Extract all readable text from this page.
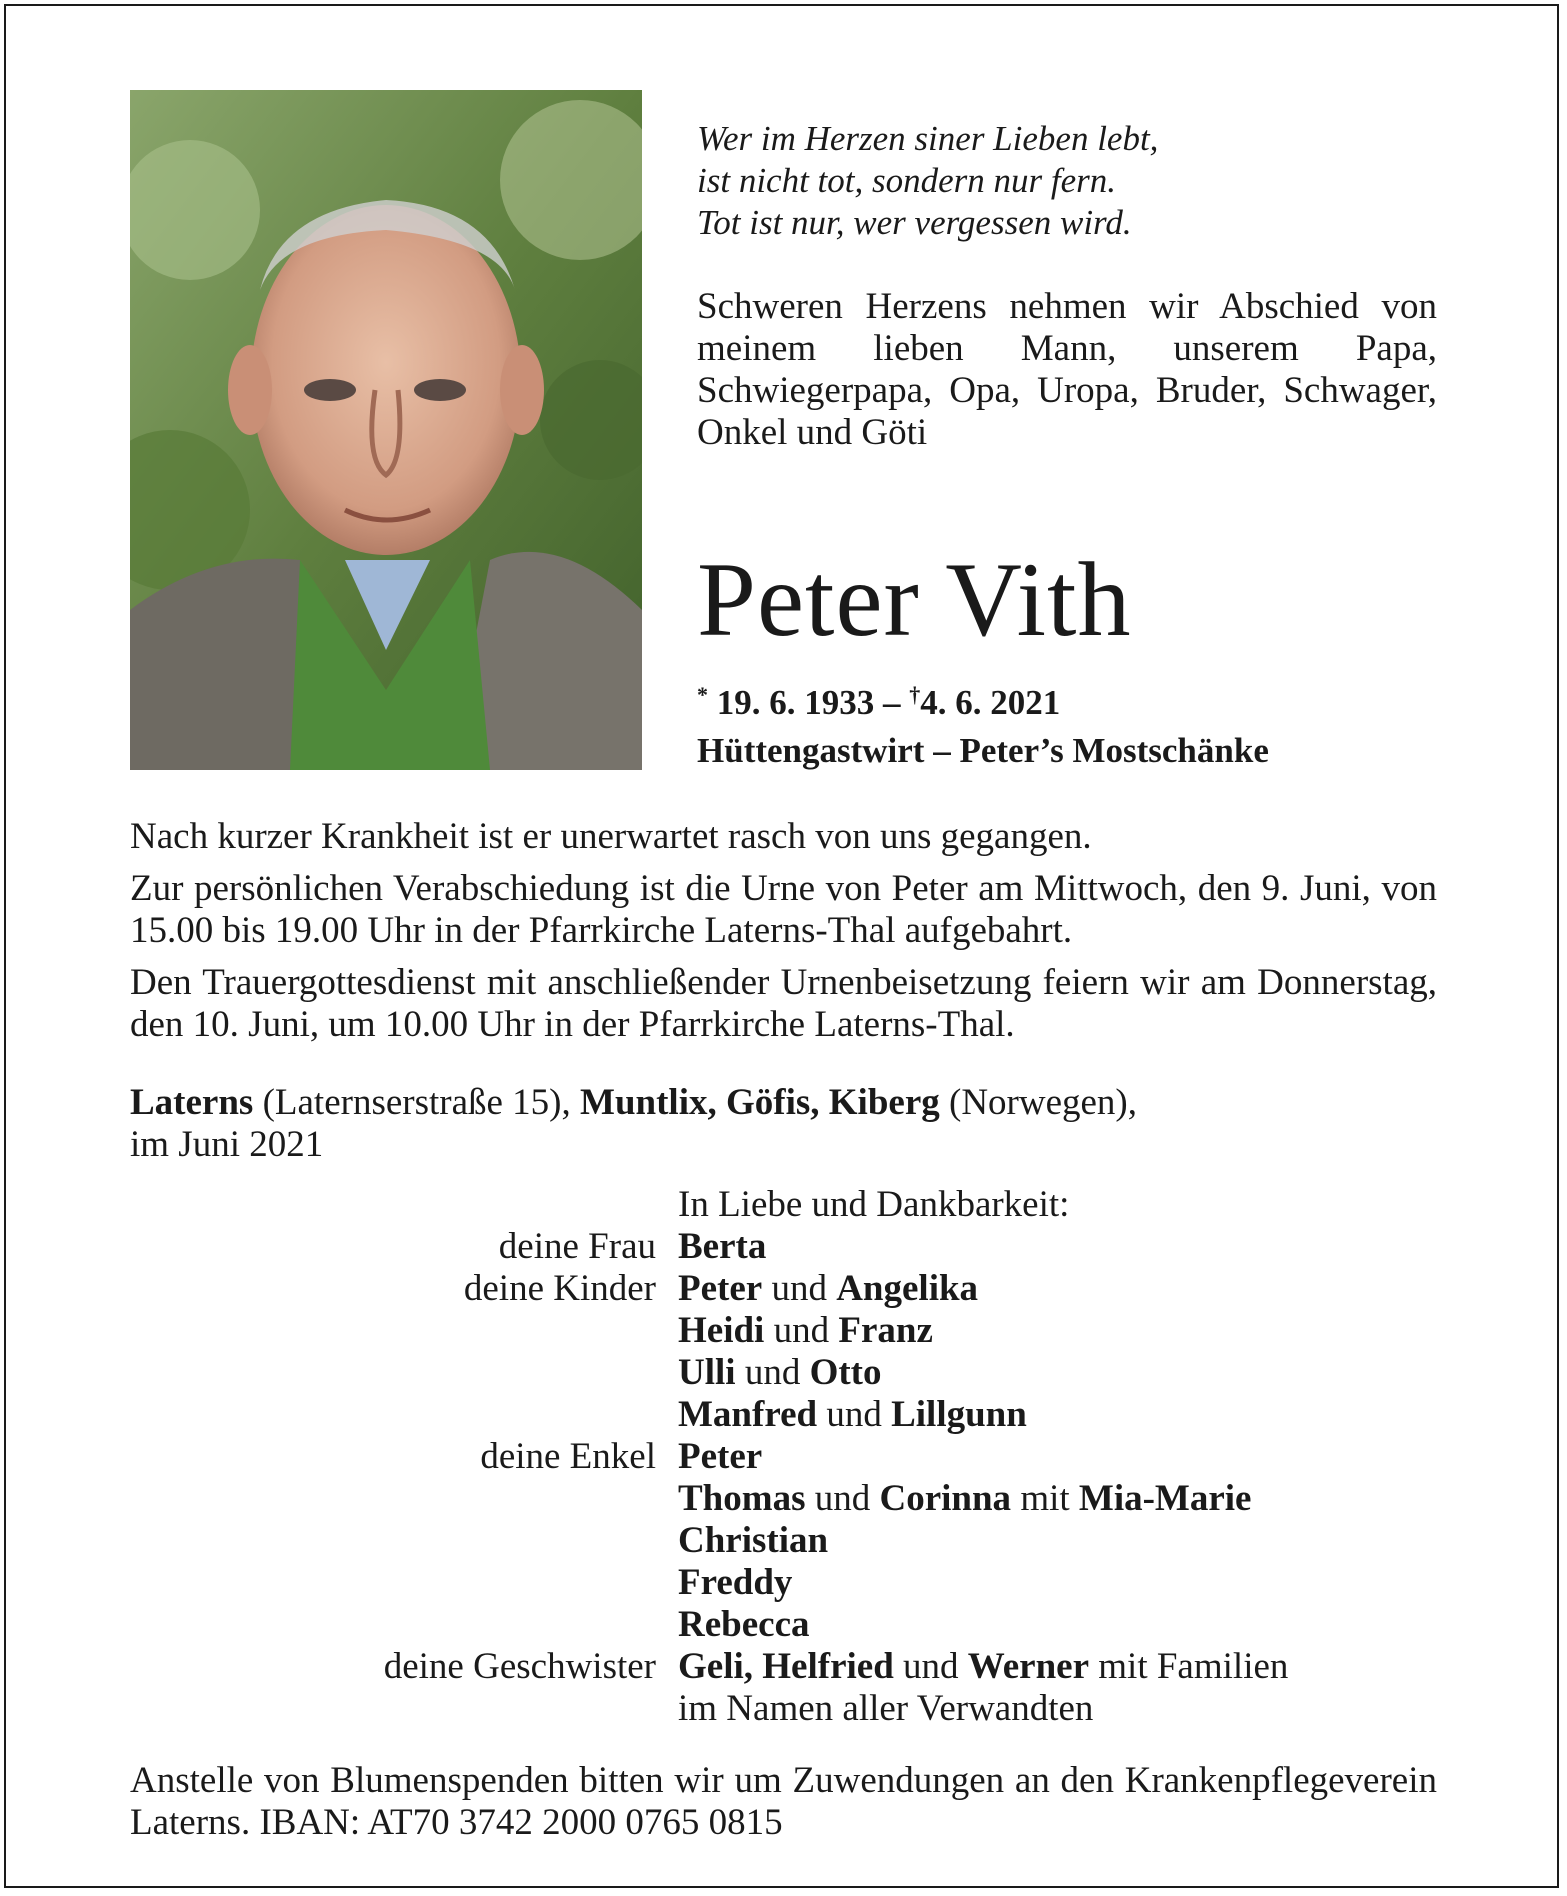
Wer im Herzen siner Lieben lebt,
ist nicht tot, sondern nur fern.
Tot ist nur, wer vergessen wird.
Schweren Herzens nehmen wir Abschied von meinem lieben Mann, unserem Papa, Schwiegerpapa, Opa, Uropa, Bruder, Schwager, Onkel und Göti
Peter Vith
* 19. 6. 1933 – †4. 6. 2021
Hüttengastwirt – Peter’s Mostschänke
Nach kurzer Krankheit ist er unerwartet rasch von uns gegangen.
Zur persönlichen Verabschiedung ist die Urne von Peter am Mittwoch, den 9. Juni, von 15.00 bis 19.00 Uhr in der Pfarrkirche Laterns-Thal aufgebahrt.
Den Trauergottesdienst mit anschließender Urnenbeisetzung feiern wir am Donnerstag, den 10. Juni, um 10.00 Uhr in der Pfarrkirche Laterns-Thal.
Laterns (Laternserstraße 15), Muntlix, Göfis, Kiberg (Norwegen),
im Juni 2021
In Liebe und Dankbarkeit:
deine Frau Berta
deine Kinder Peter und Angelika
Heidi und Franz
Ulli und Otto
Manfred und Lillgunn
deine Enkel Peter
Thomas und Corinna mit Mia-Marie
Christian
Freddy
Rebecca
deine Geschwister Geli, Helfried und Werner mit Familien
im Namen aller Verwandten
Anstelle von Blumenspenden bitten wir um Zuwendungen an den Krankenpflegeverein Laterns. IBAN: AT70 3742 2000 0765 0815
